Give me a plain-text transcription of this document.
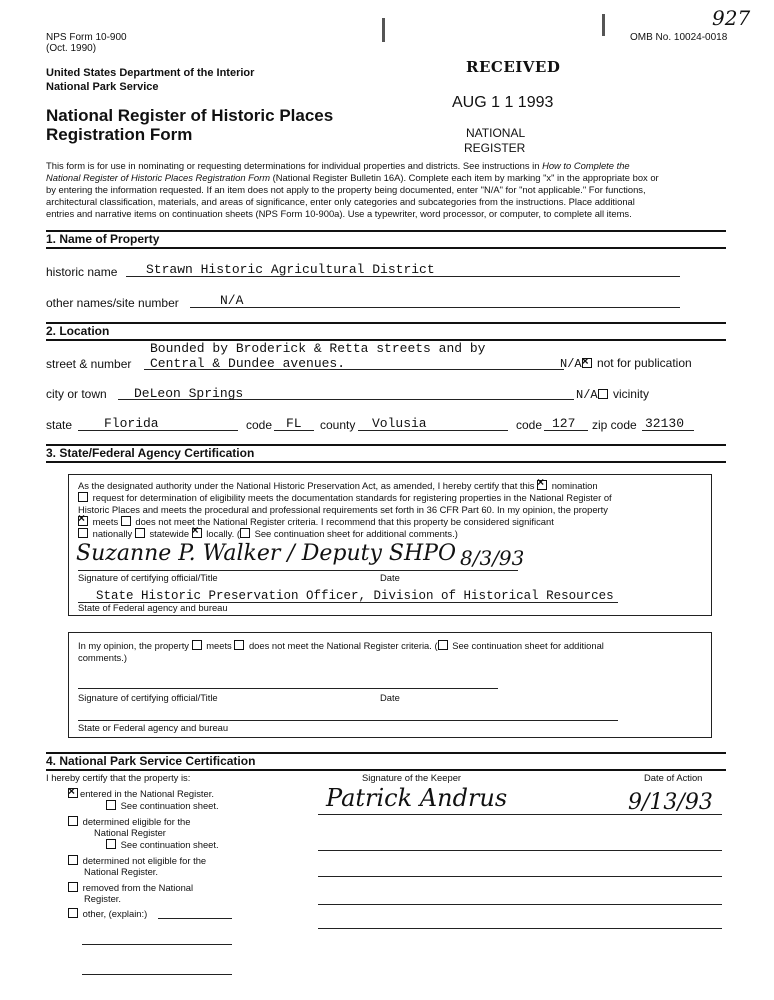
NPS Form 10-900
(Oct. 1990)
OMB No. 10024-0018
927
United States Department of the Interior
National Park Service
National Register of Historic Places
Registration Form
RECEIVED
AUG 1 1 1993
NATIONAL
REGISTER

This form is for use in nominating or requesting determinations for individual properties and districts. See instructions in How to Complete the

National Register of Historic Places Registration Form (National Register Bulletin 16A). Complete each item by marking "x" in the appropriate box or

by entering the information requested. If an item does not apply to the property being documented, enter "N/A" for "not applicable." For functions,

architectural classification, materials, and areas of significance, enter only categories and subcategories from the instructions. Place additional

entries and narrative items on continuation sheets (NPS Form 10-900a). Use a typewriter, word processor, or computer, to complete all items.

1. Name of Property
historic name Strawn Historic Agricultural District
other names/site number	N/A
2. Location
Bounded by Broderick & Retta streets and by
street & number Central & Dundee avenues.	N/A × not for publication
city or town DeLeon Springs	N/A vicinity
state Florida	code FL county Volusia	code 127 zip code 32130
3. State/Federal Agency Certification

As the designated authority under the National Historic Preservation Act, as amended, I hereby certify that this × nomination

request for determination of eligibility meets the documentation standards for registering properties in the National Register of

Historic Places and meets the procedural and professional requirements set forth in 36 CFR Part 60. In my opinion, the property

× meets does not meet the National Register criteria. I recommend that this property be considered significant

nationally statewide × locally. ( See continuation sheet for additional comments.)

Suzanne P. Walker / Deputy SHPO 8/3/93
Signature of certifying official/Title	Date
State Historic Preservation Officer, Division of Historical Resources
State of Federal agency and bureau

In my opinion, the property meets does not meet the National Register criteria. ( See continuation sheet for additional

comments.)

Signature of certifying official/Title	Date
State or Federal agency and bureau
4. National Park Service Certification
I hereby certify that the property is:	Signature of the Keeper	Date of Action
×entered in the National Register.
See continuation sheet.	Patrick Andrus	9/13/93
determined eligible for the
National Register
See continuation sheet.
determined not eligible for the
National Register.
removed from the National
Register.
other, (explain:)
